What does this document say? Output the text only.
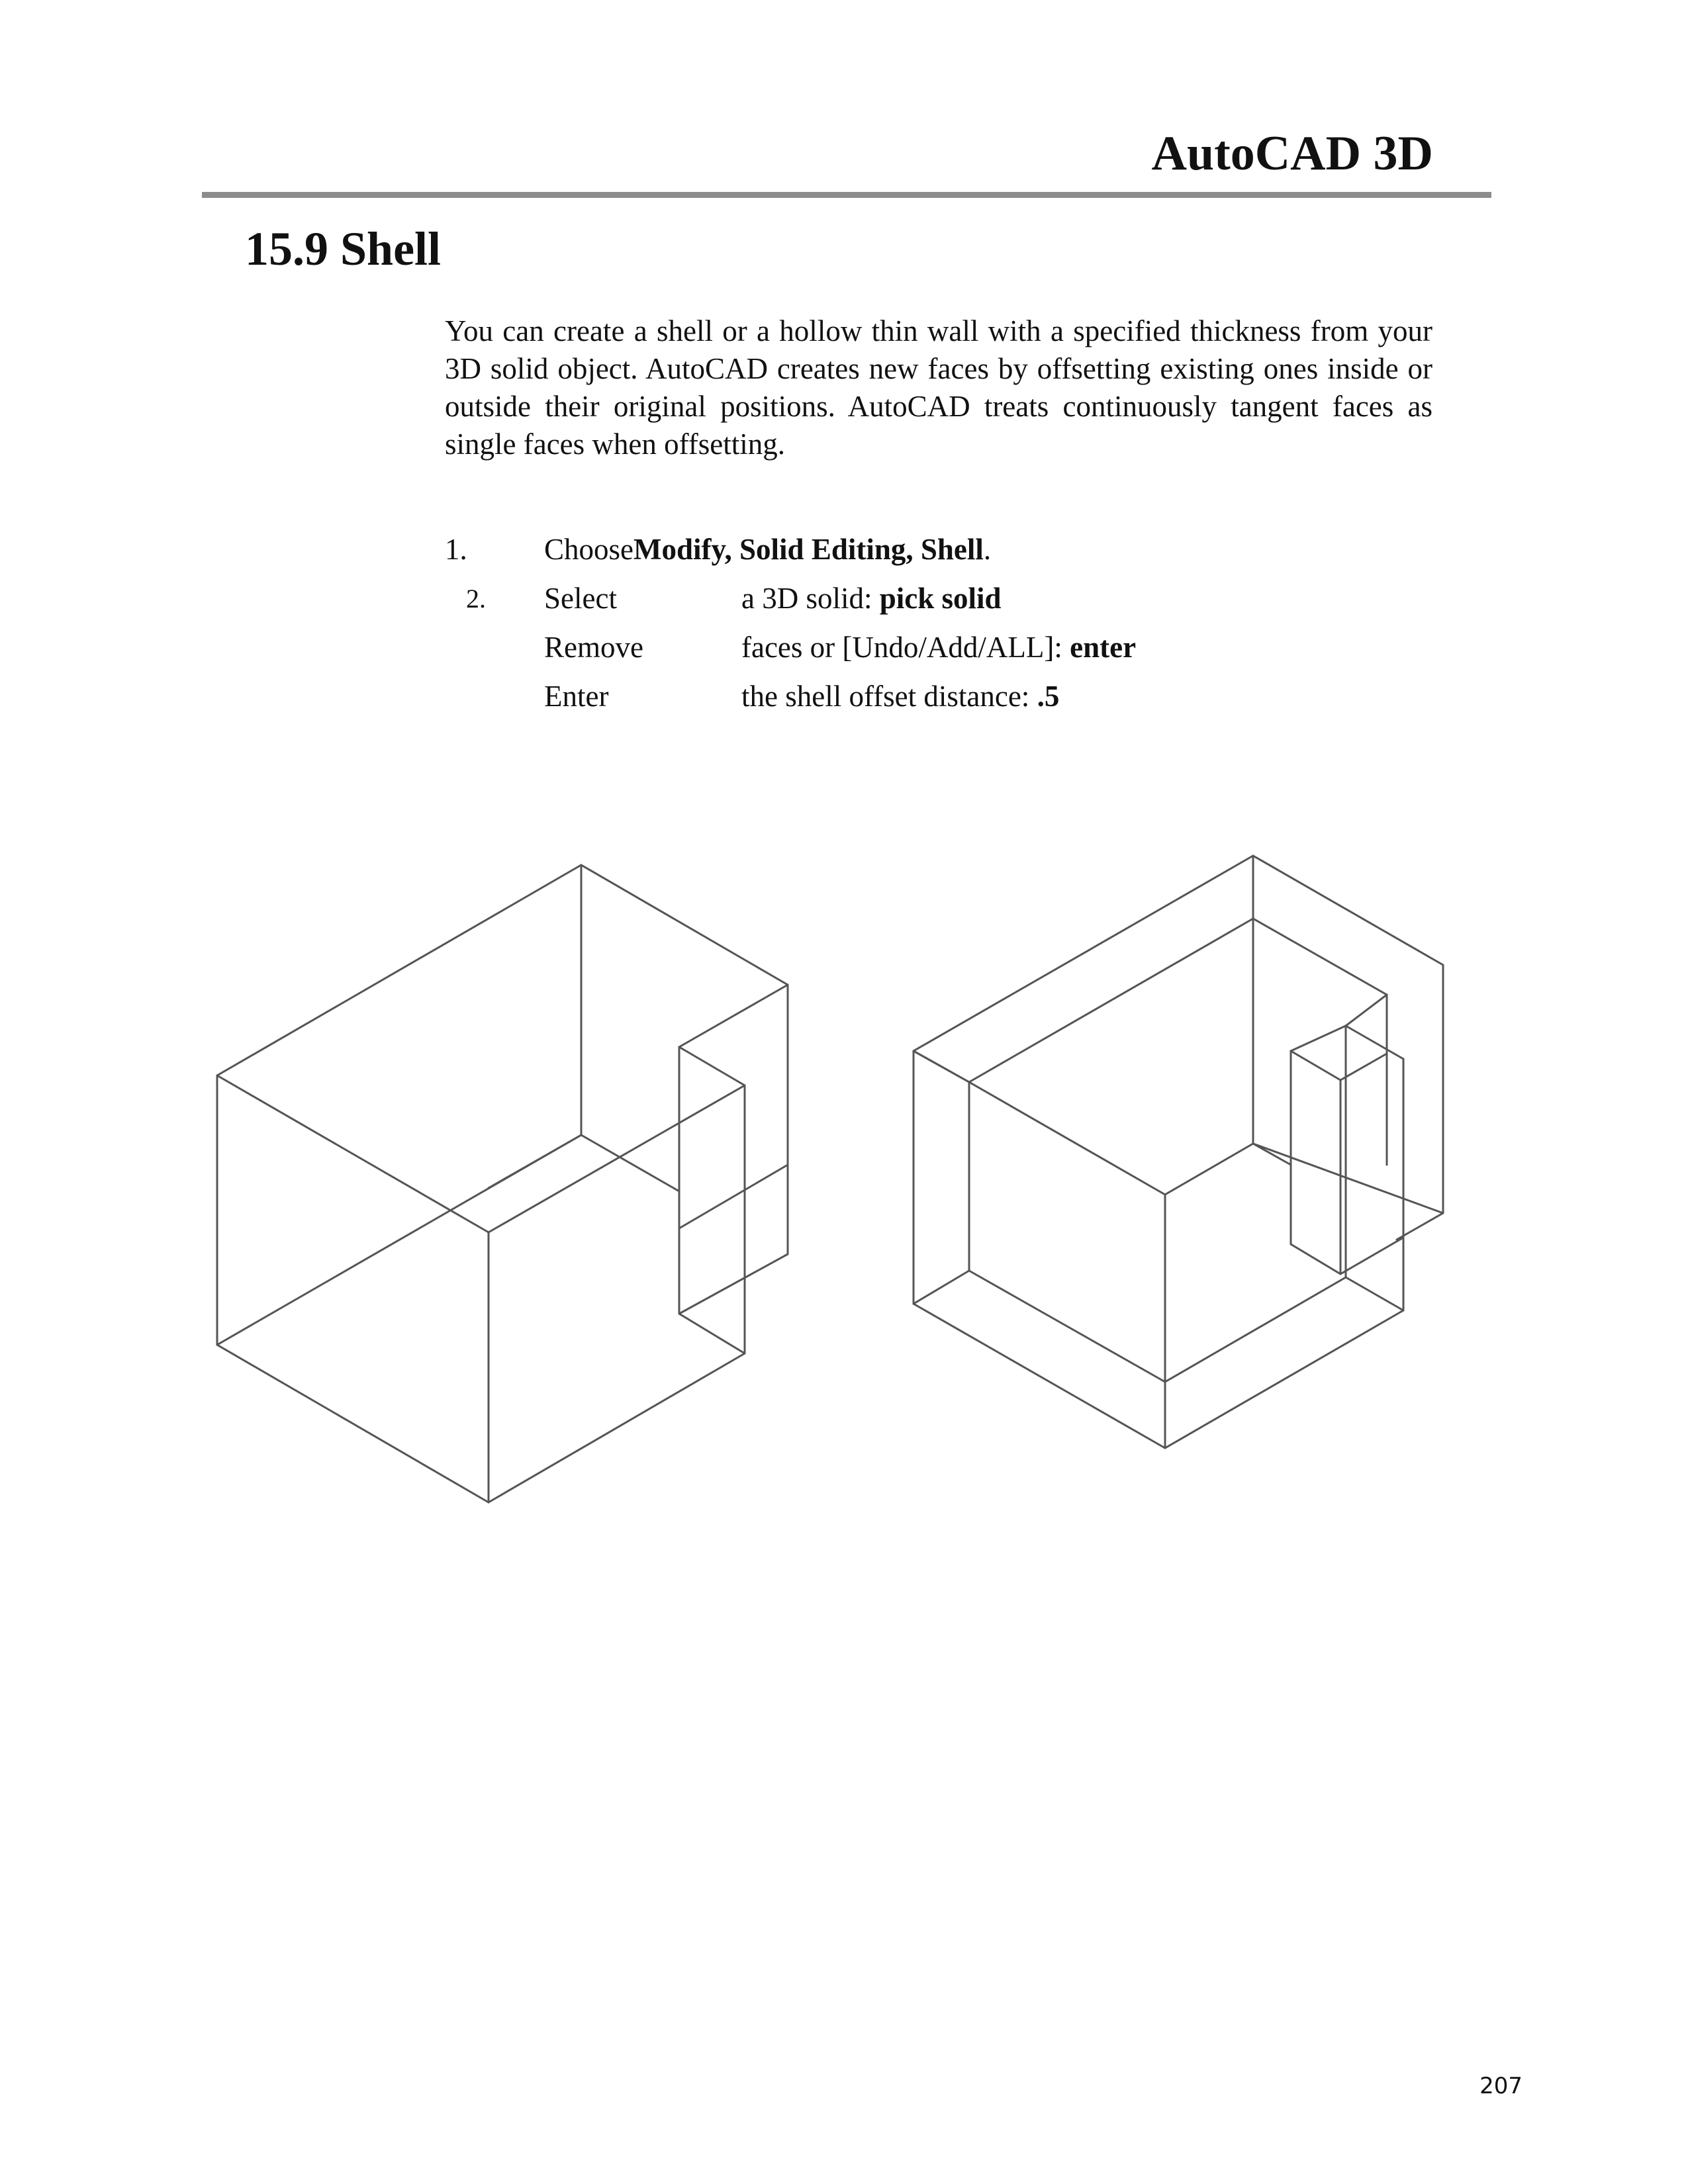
AutoCAD 3D
15.9 Shell

You can create a shell or a hollow thin wall with a specified thickness from your 3D solid object. AutoCAD creates new faces by offsetting existing ones inside or outside their original positions. AutoCAD treats continuously tangent faces as single faces when offsetting.

1.	ChooseModify, Solid Editing, Shell.
2. Select	a 3D solid: pick solid
Remove	faces or [Undo/Add/ALL]: enter
Enter	the shell offset distance: .5
207
